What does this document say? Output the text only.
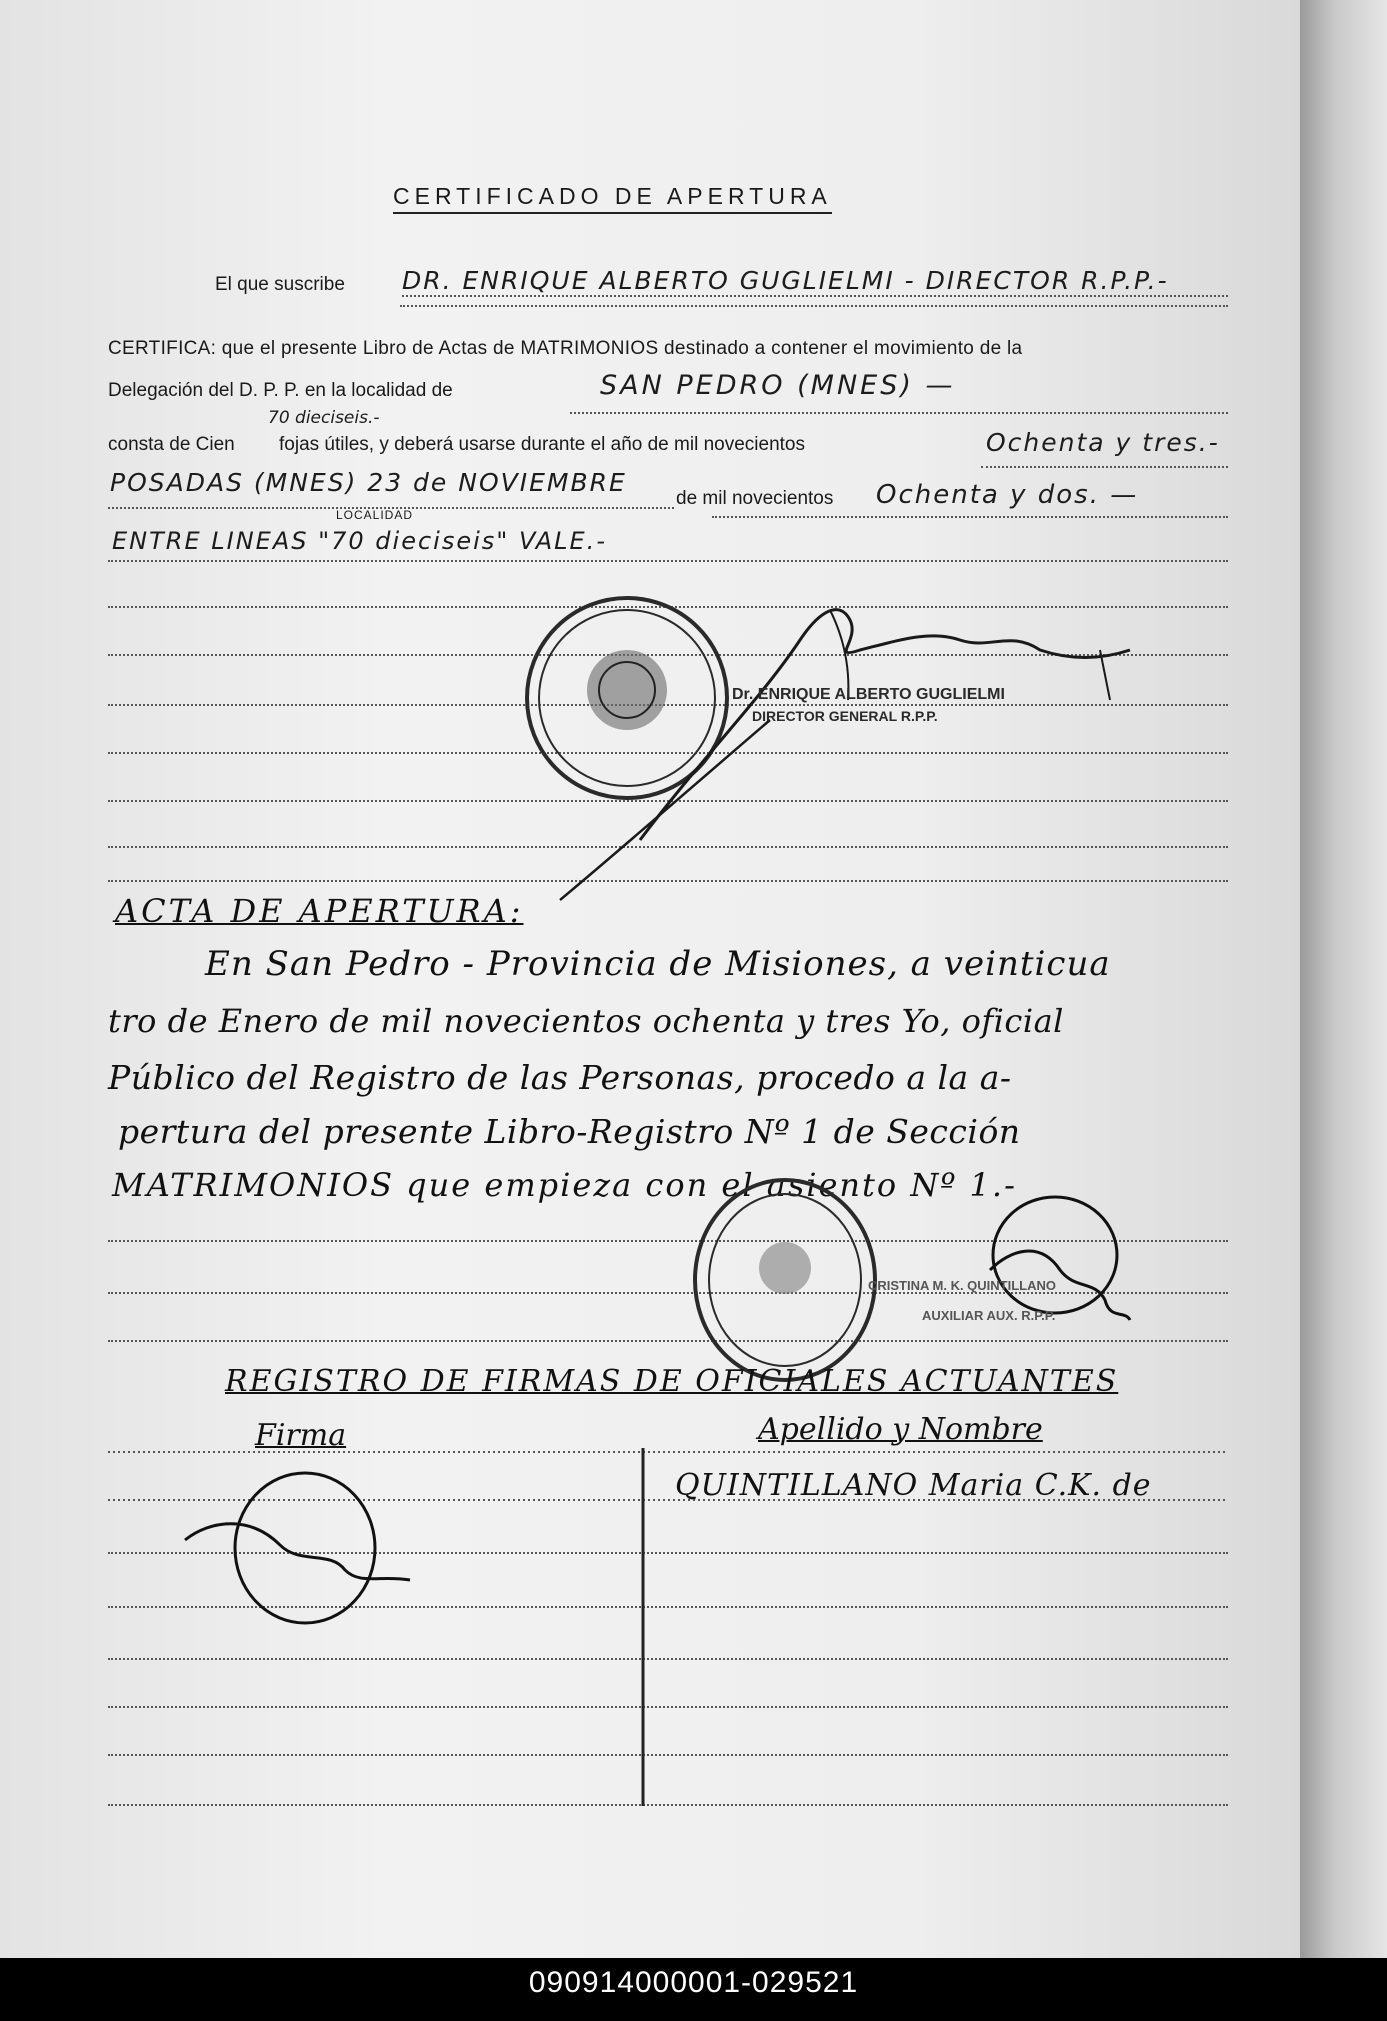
CERTIFICADO DE APERTURA
El que suscribe DR. ENRIQUE ALBERTO GUGLIELMI - DIRECTOR R.P.P.-
CERTIFICA: que el presente Libro de Actas de MATRIMONIOS destinado a contener el movimiento de la
Delegación del D. P. P. en la localidad de	SAN PEDRO (MNES) —
70 dieciseis.-
consta de Cien fojas útiles, y deberá usarse durante el año de mil novecientos	Ochenta y tres.-
POSADAS (MNES) 23 de NOVIEMBRE
LOCALIDAD
de mil novecientos Ochenta y dos. —
ENTRE LINEAS "70 dieciseis" VALE.-
Dr. ENRIQUE ALBERTO GUGLIELMI
DIRECTOR GENERAL R.P.P.
ACTA DE APERTURA:
En San Pedro - Provincia de Misiones, a veinticua
tro de Enero de mil novecientos ochenta y tres Yo, oficial
Público del Registro de las Personas, procedo a la a-
pertura del presente Libro-Registro Nº 1 de Sección
MATRIMONIOS que empieza con el asiento Nº 1.-
CRISTINA M. K. QUINTILLANO
AUXILIAR AUX. R.P.P.
REGISTRO DE FIRMAS DE OFICIALES ACTUANTES
Firma	Apellido y Nombre
QUINTILLANO Maria C.K. de
090914000001-029521
